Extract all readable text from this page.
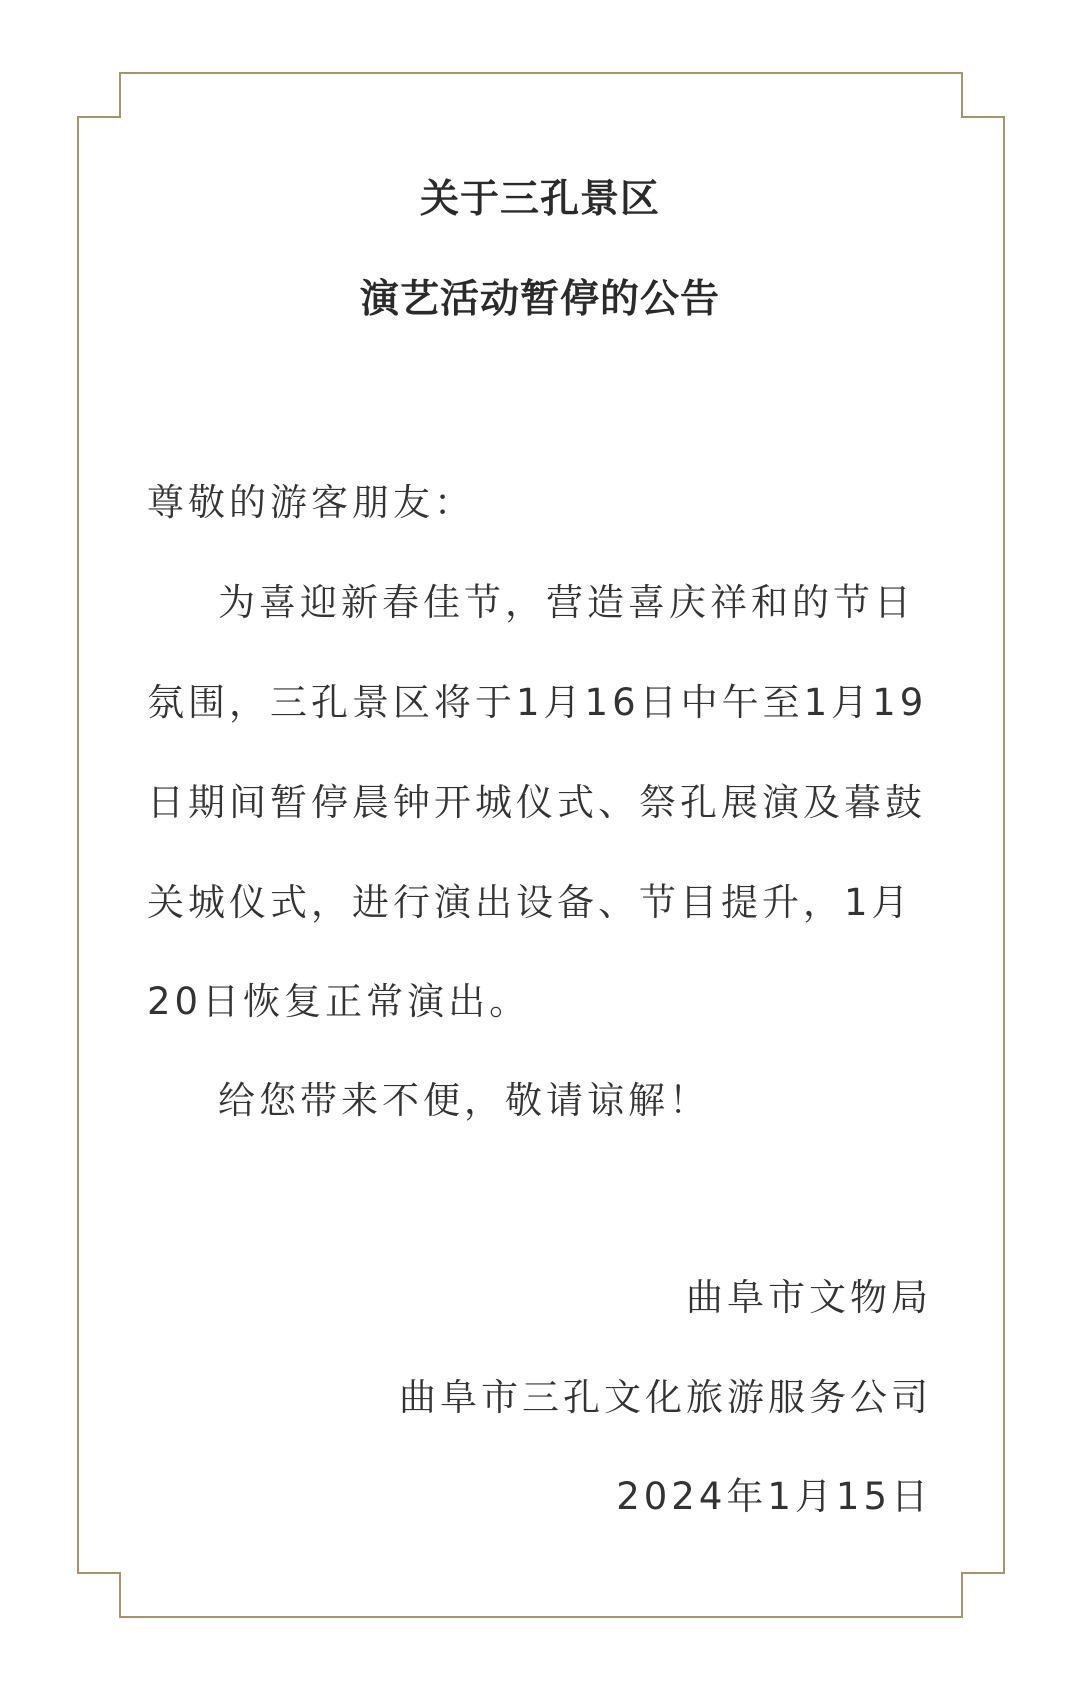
关于三孔景区
演艺活动暂停的公告
尊敬的游客朋友：
为喜迎新春佳节，营造喜庆祥和的节日
氛围，三孔景区将于1月16日中午至1月19
日期间暂停晨钟开城仪式、祭孔展演及暮鼓
关城仪式，进行演出设备、节目提升，1月
20日恢复正常演出。
给您带来不便，敬请谅解！
曲阜市文物局
曲阜市三孔文化旅游服务公司
2024年1月15日
